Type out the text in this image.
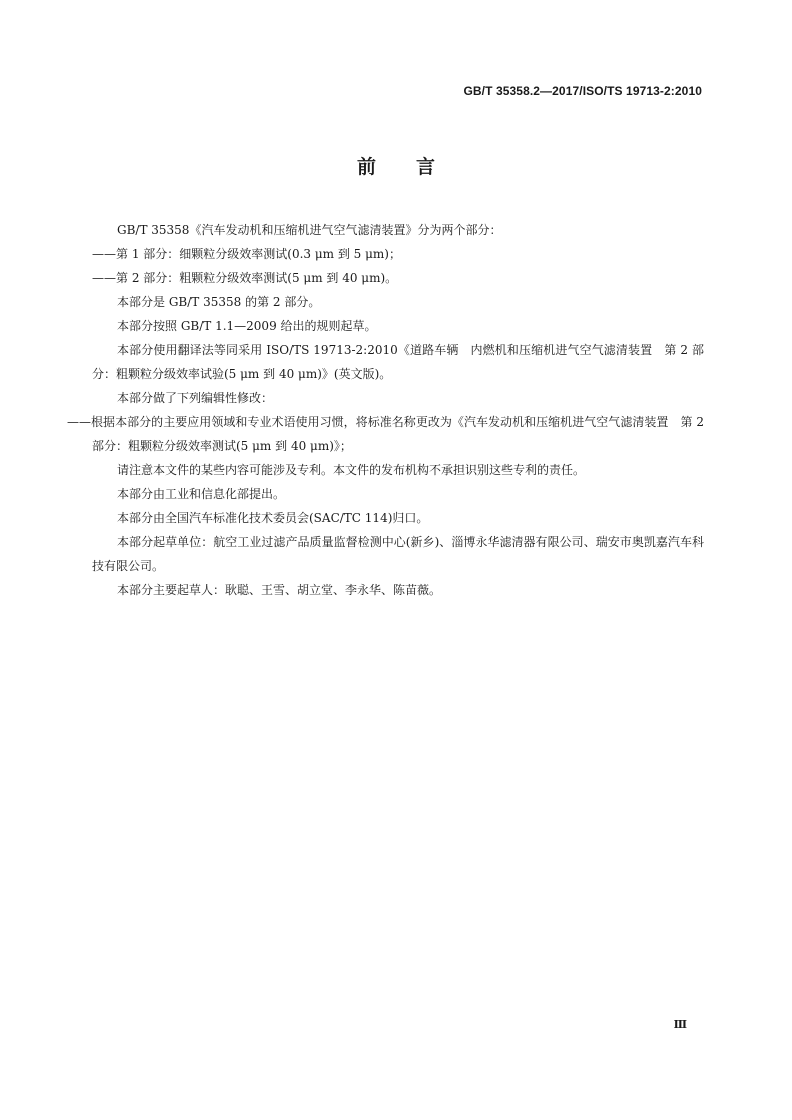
GB/T 35358.2—2017/ISO/TS 19713-2:2010
前言

GB/T 35358《汽车发动机和压缩机进气空气滤清装置》分为两个部分：

——第 1 部分：细颗粒分级效率测试(0.3 μm 到 5 μm)；

——第 2 部分：粗颗粒分级效率测试(5 μm 到 40 μm)。

本部分是 GB/T 35358 的第 2 部分。

本部分按照 GB/T 1.1—2009 给出的规则起草。

本部分使用翻译法等同采用 ISO/TS 19713-2:2010《道路车辆　内燃机和压缩机进气空气滤清装置　第 2 部分：粗颗粒分级效率试验(5 μm 到 40 μm)》(英文版)。

本部分做了下列编辑性修改：

——根据本部分的主要应用领域和专业术语使用习惯，将标准名称更改为《汽车发动机和压缩机进气空气滤清装置　第 2 部分：粗颗粒分级效率测试(5 μm 到 40 μm)》；

请注意本文件的某些内容可能涉及专利。本文件的发布机构不承担识别这些专利的责任。

本部分由工业和信息化部提出。

本部分由全国汽车标准化技术委员会(SAC/TC 114)归口。

本部分起草单位：航空工业过滤产品质量监督检测中心(新乡)、淄博永华滤清器有限公司、瑞安市奥凯嘉汽车科技有限公司。

本部分主要起草人：耿聪、王雪、胡立堂、李永华、陈苗薇。

Ⅲ
